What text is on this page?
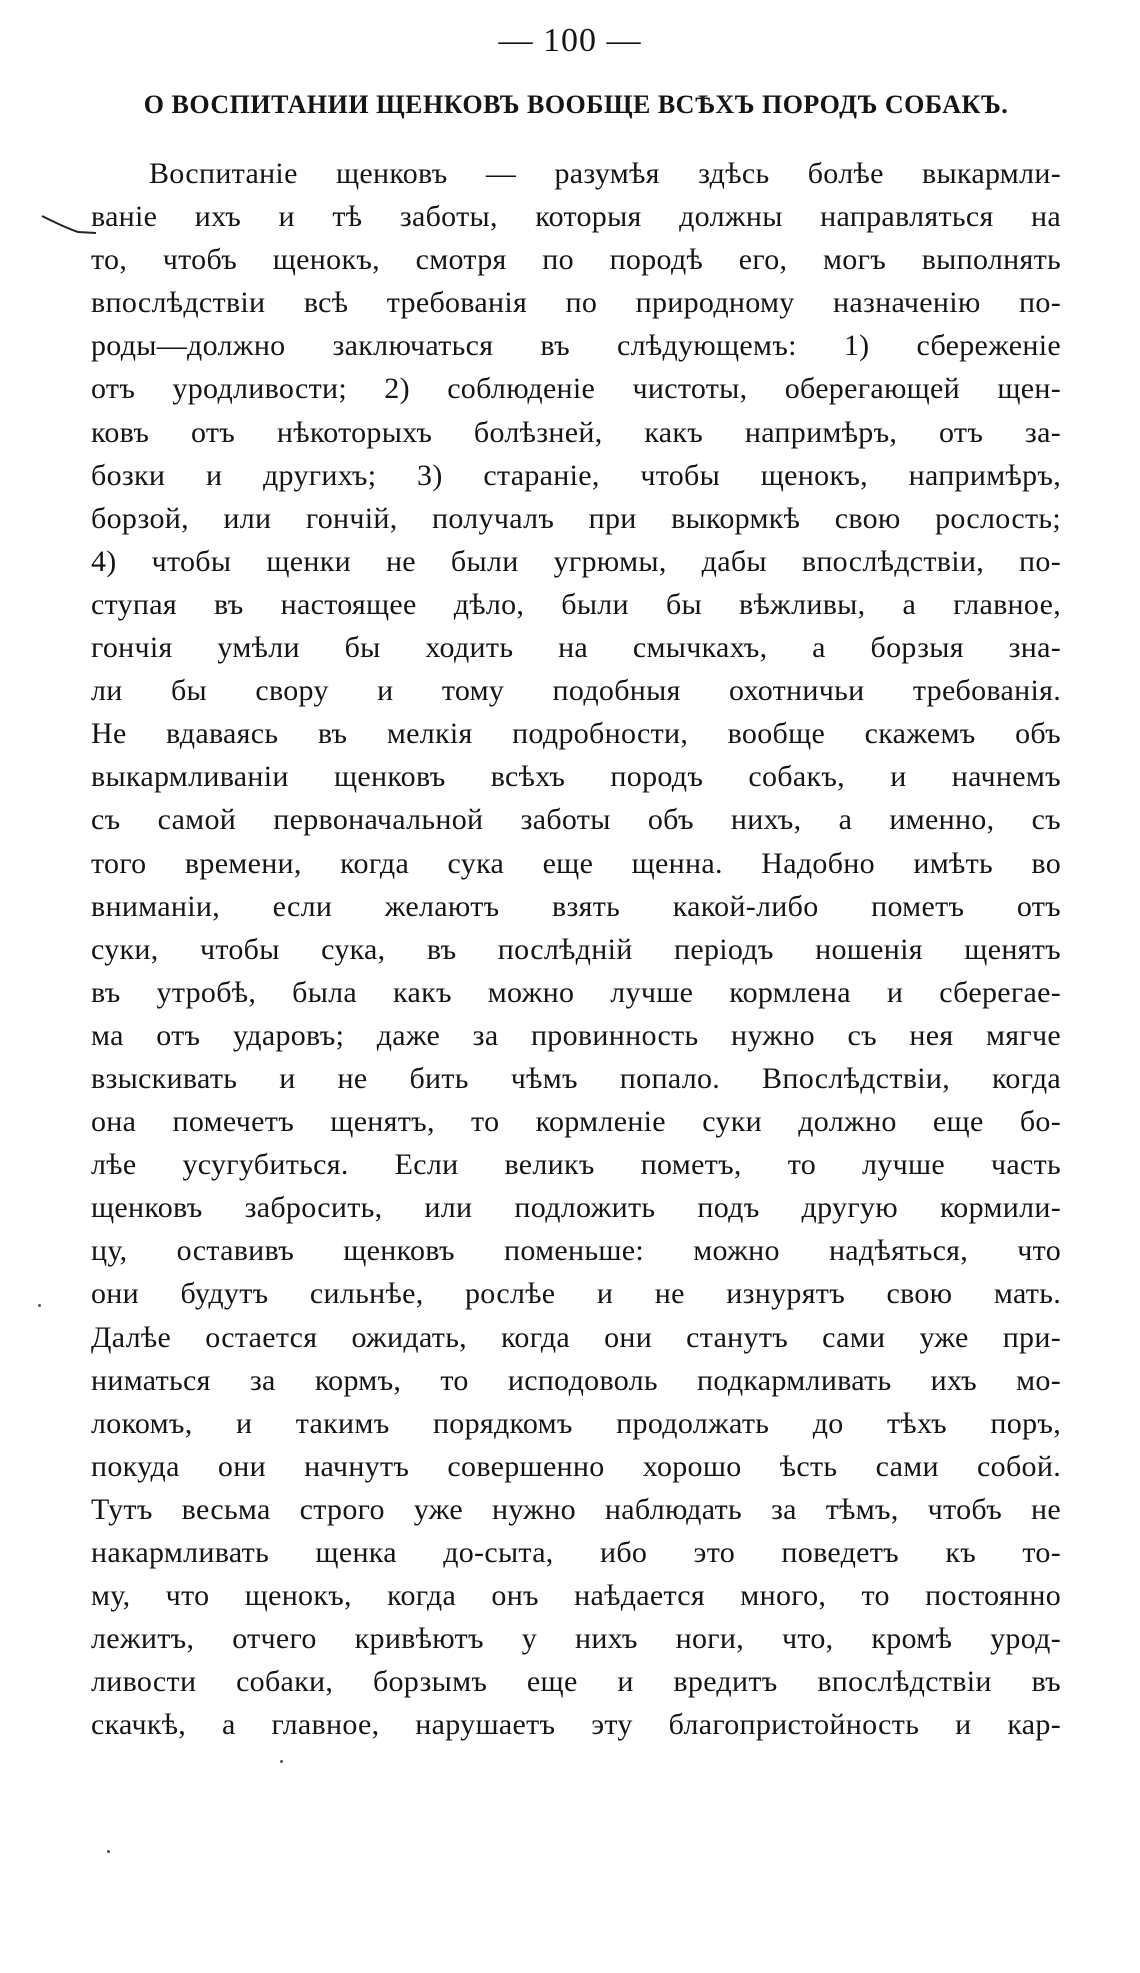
— 100 —
О ВОСПИТАНИИ ЩЕНКОВЪ ВООБЩЕ ВСѢХЪ ПОРОДЪ СОБАКЪ.
Воспитаніе щенковъ — разумѣя здѣсь болѣе выкармли-
ваніе ихъ и тѣ заботы, которыя должны направляться на
то, чтобъ щенокъ, смотря по породѣ его, могъ выполнять
впослѣдствіи всѣ требованія по природному назначенію по-
роды—должно заключаться въ слѣдующемъ: 1) сбереженіе
отъ уродливости; 2) соблюденіе чистоты, оберегающей щен-
ковъ отъ нѣкоторыхъ болѣзней, какъ напримѣръ, отъ за-
бозки и другихъ; 3) стараніе, чтобы щенокъ, напримѣръ,
борзой, или гончій, получалъ при выкормкѣ свою рослость;
4) чтобы щенки не были угрюмы, дабы впослѣдствіи, по-
ступая въ настоящее дѣло, были бы вѣжливы, а главное,
гончія умѣли бы ходить на смычкахъ, а борзыя зна-
ли бы свору и тому подобныя охотничьи требованія.
Не вдаваясь въ мелкія подробности, вообще скажемъ объ
выкармливаніи щенковъ всѣхъ породъ собакъ, и начнемъ
съ самой первоначальной заботы объ нихъ, а именно, съ
того времени, когда сука еще щенна. Надобно имѣть во
вниманіи, если желаютъ взять какой-либо пометъ отъ
суки, чтобы сука, въ послѣдній періодъ ношенія щенятъ
въ утробѣ, была какъ можно лучше кормлена и сберегае-
ма отъ ударовъ; даже за провинность нужно съ нея мягче
взыскивать и не бить чѣмъ попало. Впослѣдствіи, когда
она помечетъ щенятъ, то кормленіе суки должно еще бо-
лѣе усугубиться. Если великъ пометъ, то лучше часть
щенковъ забросить, или подложить подъ другую кормили-
цу, оставивъ щенковъ поменьше: можно надѣяться, что
они будутъ сильнѣе, рослѣе и не изнурятъ свою мать.
Далѣе остается ожидать, когда они станутъ сами уже при-
ниматься за кормъ, то исподоволь подкармливать ихъ мо-
локомъ, и такимъ порядкомъ продолжать до тѣхъ поръ,
покуда они начнутъ совершенно хорошо ѣсть сами собой.
Тутъ весьма строго уже нужно наблюдать за тѣмъ, чтобъ не
накармливать щенка до-сыта, ибо это поведетъ къ то-
му, что щенокъ, когда онъ наѣдается много, то постоянно
лежитъ, отчего кривѣютъ у нихъ ноги, что, кромѣ урод-
ливости собаки, борзымъ еще и вредитъ впослѣдствіи въ
скачкѣ, а главное, нарушаетъ эту благопристойность и кар-
